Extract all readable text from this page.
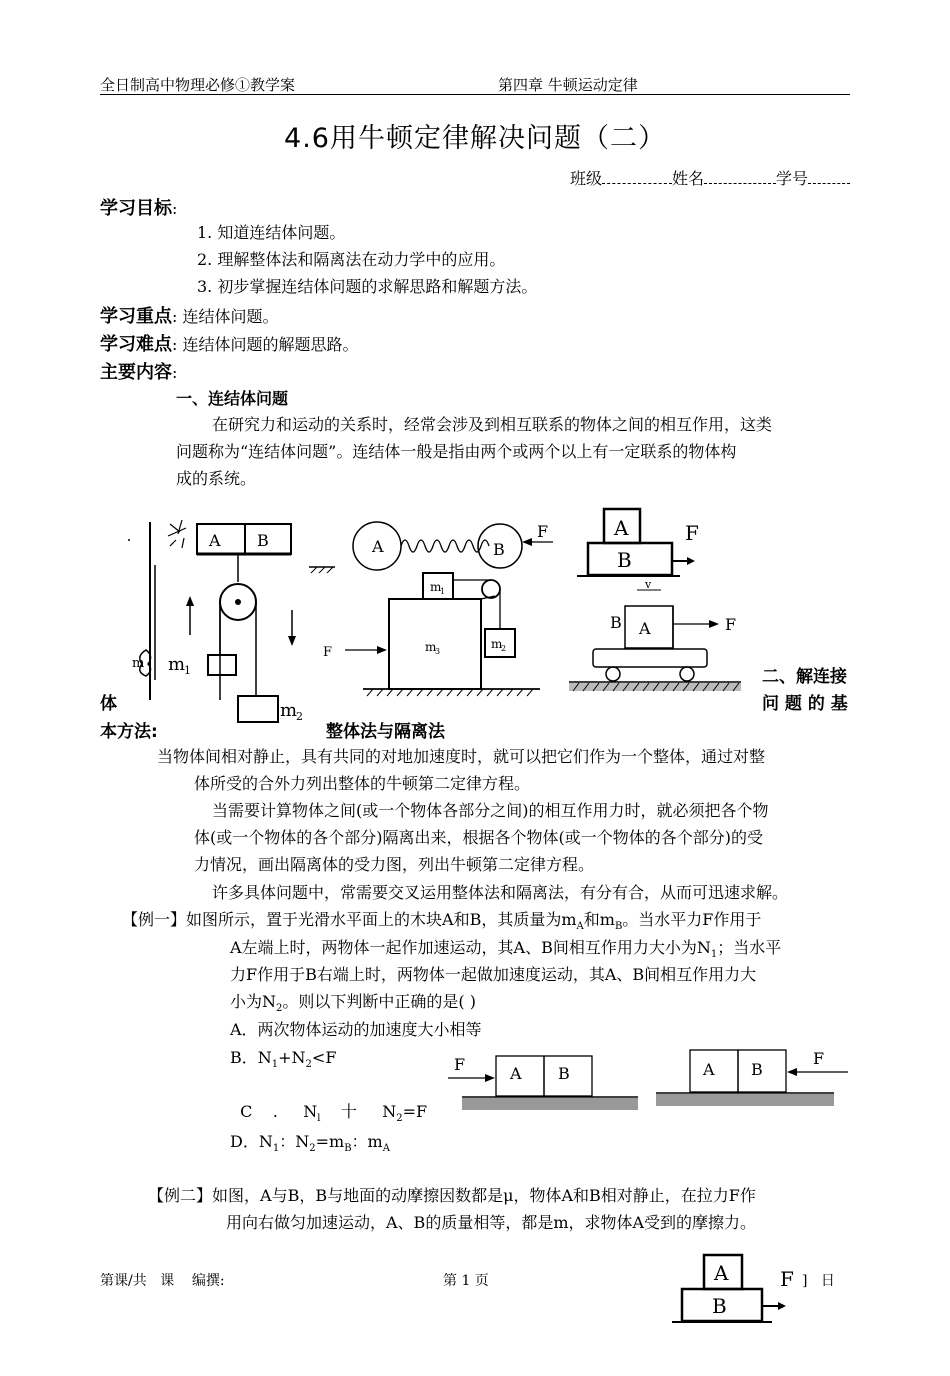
全日制高中物理必修①教学案	第四章 牛顿运动定律
4.6用牛顿定律解决问题（二）
班级	姓名	学号
学习目标:
1. 知道连结体问题。
2. 理解整体法和隔离法在动力学中的应用。
3. 初步掌握连结体问题的求解思路和解题方法。
学习重点: 连结体问题。
学习难点: 连结体问题的解题思路。
主要内容:
一、连结体问题
在研究力和运动的关系时，经常会涉及到相互联系的物体之间的相互作用，这类
问题称为“连结体问题”。连结体一般是指由两个或两个以上有一定联系的物体构
成的系统。
A B
m m
1
m
2
A	B
F
m
1
m
2
m
3
F
A
B
F
v
A
B	F
二、解连接
问 题 的 基
体
本方法:	整体法与隔离法
当物体间相对静止，具有共同的对地加速度时，就可以把它们作为一个整体，通过对整
体所受的合外力列出整体的牛顿第二定律方程。
当需要计算物体之间(或一个物体各部分之间)的相互作用力时，就必须把各个物
体(或一个物体的各个部分)隔离出来，根据各个物体(或一个物体的各个部分)的受
力情况，画出隔离体的受力图，列出牛顿第二定律方程。
许多具体问题中，常需要交叉运用整体法和隔离法，有分有合，从而可迅速求解。
【例一】如图所示，置于光滑水平面上的木块A和B，其质量为$m_A$和$m_B$。当水平力F作用于
A左端上时，两物体一起作加速运动，其A、B间相互作用力大小为$N_1$；当水平
力F作用于B右端上时，两物体一起做加速度运动，其A、B间相互作用力大
小为$N_2$。则以下判断中正确的是( )
A．两次物体运动的加速度大小相等
B．$N_1+N_2<F$

C    .     $N_l$    十     $N_2=F$

D．$N_1$：$N_2=m_B$：$m_A$
F	A B	A B
F
【例二】如图，A与B，B与地面的动摩擦因数都是μ，物体A和B相对静止，在拉力F作
用向右做匀加速运动，A、B的质量相等，都是m，求物体A受到的摩擦力。
第课/共   课    编撰:	第 1 页	]   日
A
B
F
